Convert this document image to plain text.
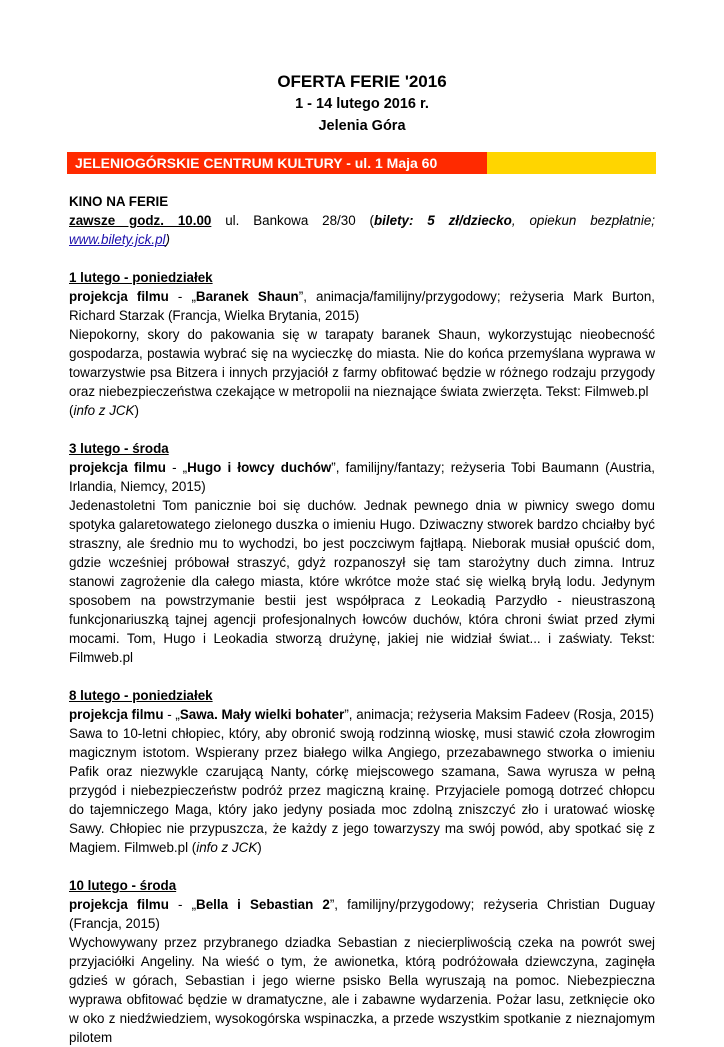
OFERTA FERIE '2016
1 - 14 lutego 2016 r.
Jelenia Góra
JELENIOGÓRSKIE CENTRUM KULTURY - ul. 1 Maja 60

KINO NA FERIE

zawsze godz. 10.00 ul. Bankowa 28/30 (bilety: 5 zł/dziecko, opiekun bezpłatnie; www.bilety.jck.pl)

1 lutego - poniedziałek

projekcja filmu - „Baranek Shaun”, animacja/familijny/przygodowy; reżyseria Mark Burton, Richard Starzak (Francja, Wielka Brytania, 2015)

Niepokorny, skory do pakowania się w tarapaty baranek Shaun, wykorzystując nieobecność gospodarza, postawia wybrać się na wycieczkę do miasta. Nie do końca przemyślana wyprawa w towarzystwie psa Bitzera i innych przyjaciół z farmy obfitować będzie w różnego rodzaju przygody oraz niebezpieczeństwa czekające w metropolii na nieznające świata zwierzęta. Tekst: Filmweb.pl
(info z JCK)

3 lutego - środa

projekcja filmu - „Hugo i łowcy duchów”, familijny/fantazy; reżyseria Tobi Baumann (Austria, Irlandia, Niemcy, 2015)

Jedenastoletni Tom panicznie boi się duchów. Jednak pewnego dnia w piwnicy swego domu spotyka galaretowatego zielonego duszka o imieniu Hugo. Dziwaczny stworek bardzo chciałby być straszny, ale średnio mu to wychodzi, bo jest poczciwym fajtłapą. Nieborak musiał opuścić dom, gdzie wcześniej próbował straszyć, gdyż rozpanoszył się tam starożytny duch zimna. Intruz stanowi zagrożenie dla całego miasta, które wkrótce może stać się wielką bryłą lodu. Jedynym sposobem na powstrzymanie bestii jest współpraca z Leokadią Parzydło - nieustraszoną funkcjonariuszką tajnej agencji profesjonalnych łowców duchów, która chroni świat przed złymi mocami. Tom, Hugo i Leokadia stworzą drużynę, jakiej nie widział świat... i zaświaty. Tekst: Filmweb.pl

8 lutego - poniedziałek

projekcja filmu - „Sawa. Mały wielki bohater”, animacja; reżyseria Maksim Fadeev (Rosja, 2015)

Sawa to 10-letni chłopiec, który, aby obronić swoją rodzinną wioskę, musi stawić czoła złowrogim magicznym istotom. Wspierany przez białego wilka Angiego, przezabawnego stworka o imieniu Pafik oraz niezwykle czarującą Nanty, córkę miejscowego szamana, Sawa wyrusza w pełną przygód i niebezpieczeństw podróż przez magiczną krainę. Przyjaciele pomogą dotrzeć chłopcu do tajemniczego Maga, który jako jedyny posiada moc zdolną zniszczyć zło i uratować wioskę Sawy. Chłopiec nie przypuszcza, że każdy z jego towarzyszy ma swój powód, aby spotkać się z Magiem. Filmweb.pl (info z JCK)

10 lutego - środa

projekcja filmu - „Bella i Sebastian 2”, familijny/przygodowy; reżyseria Christian Duguay (Francja, 2015)

Wychowywany przez przybranego dziadka Sebastian z niecierpliwością czeka na powrót swej przyjaciółki Angeliny. Na wieść o tym, że awionetka, którą podróżowała dziewczyna, zaginęła gdzieś w górach, Sebastian i jego wierne psisko Bella wyruszają na pomoc. Niebezpieczna wyprawa obfitować będzie w dramatyczne, ale i zabawne wydarzenia. Pożar lasu, zetknięcie oko w oko z niedźwiedziem, wysokogórska wspinaczka, a przede wszystkim spotkanie z nieznajomym pilotem
